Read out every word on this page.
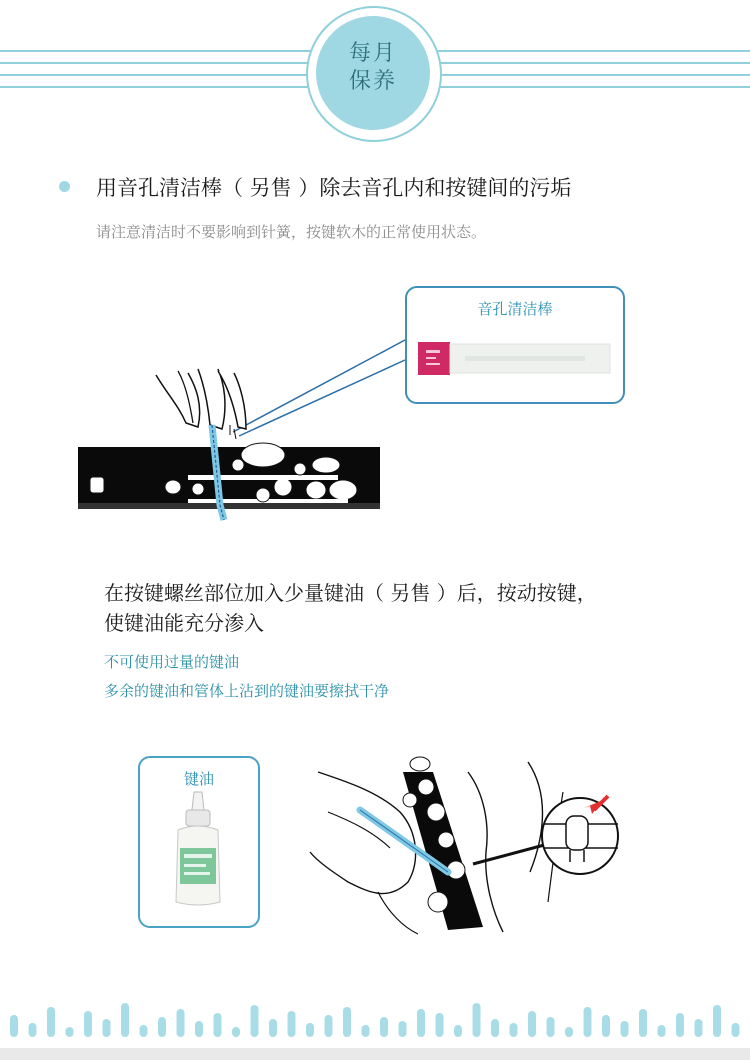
每月
保养
用音孔清洁棒（ 另售 ）除去音孔内和按键间的污垢
请注意清洁时不要影响到针簧，按键软木的正常使用状态。
音孔清洁棒
在按键螺丝部位加入少量键油（ 另售 ）后，按动按键，
使键油能充分渗入
不可使用过量的键油
多余的键油和管体上沾到的键油要擦拭干净
键油
